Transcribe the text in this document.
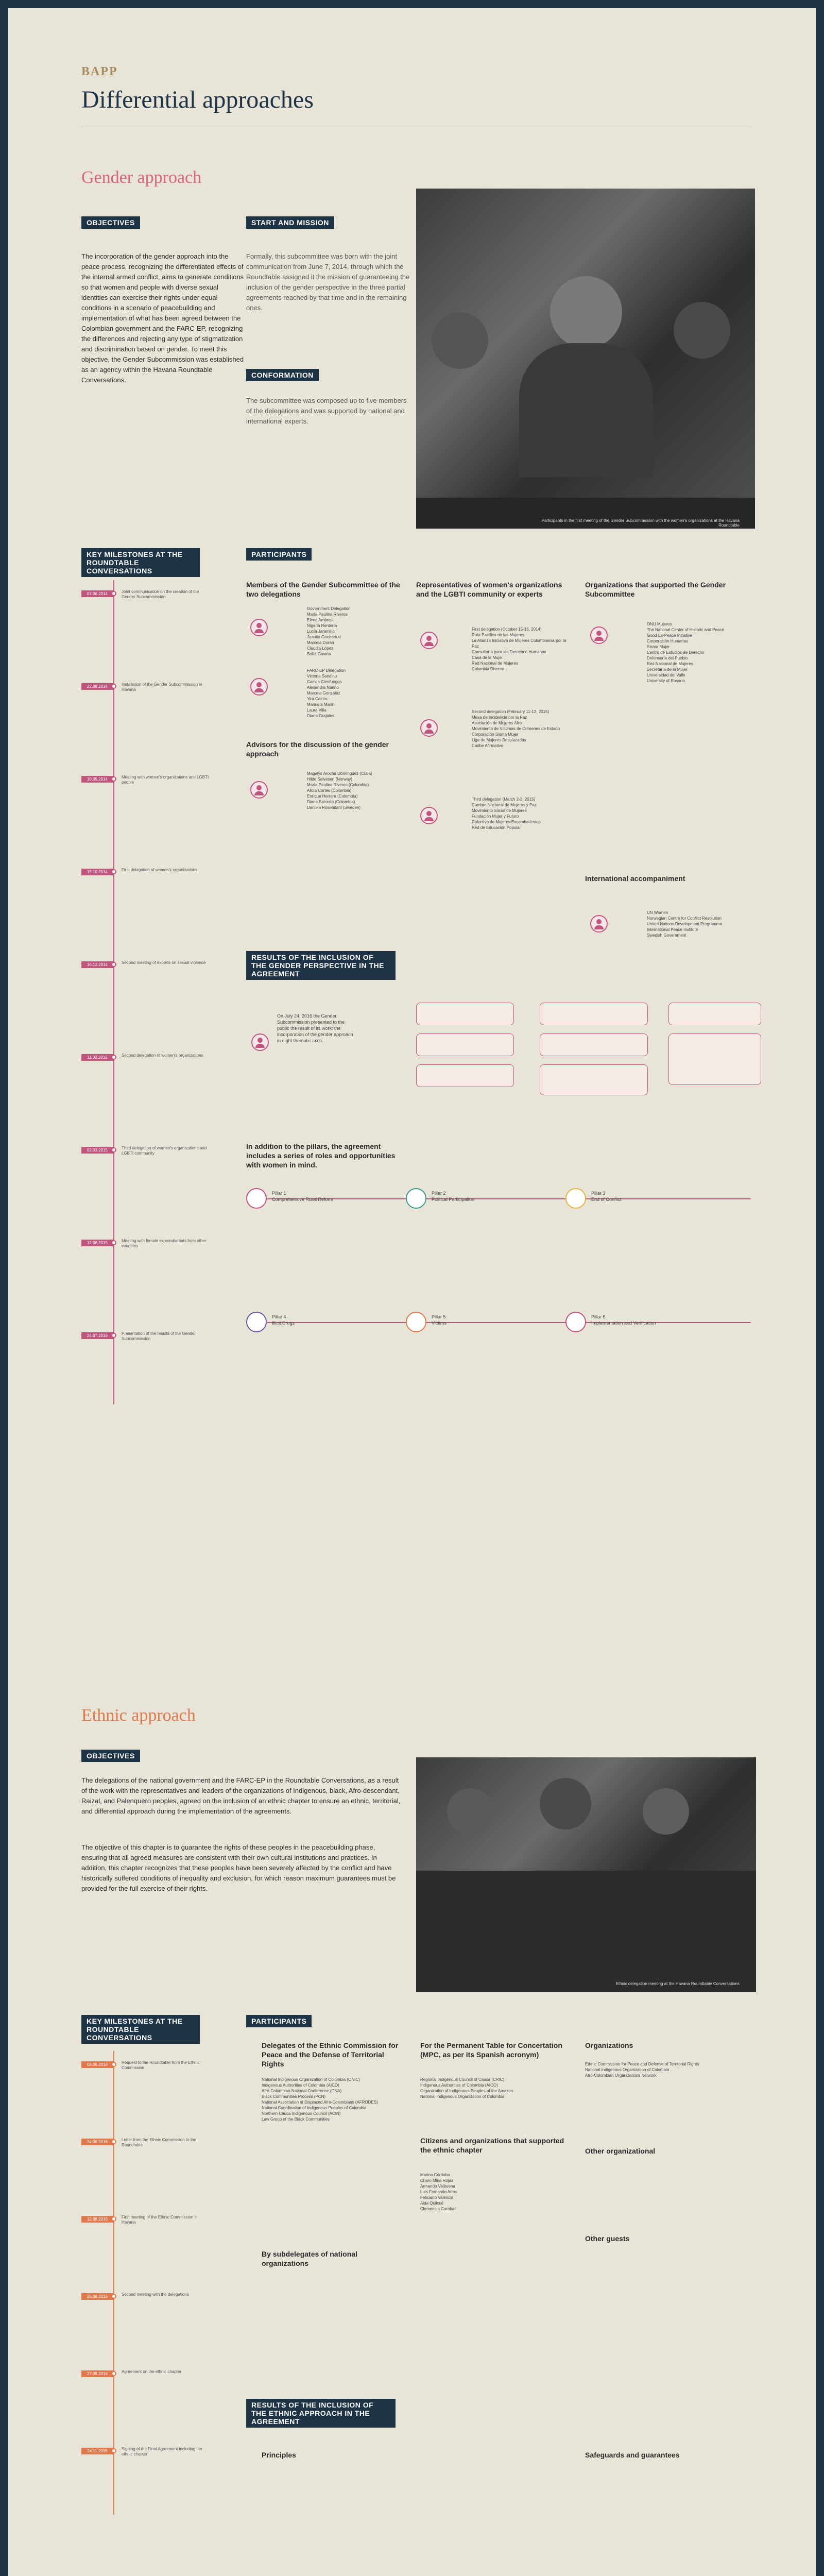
BAPP
Differential approaches
Gender approach
OBJECTIVES
The incorporation of the gender approach into the peace process, recognizing the differentiated effects of the internal armed conflict, aims to generate conditions so that women and people with diverse sexual identities can exercise their rights under equal conditions in a scenario of peacebuilding and implementation of what has been agreed between the Colombian government and the FARC-EP, recognizing the differences and rejecting any type of stigmatization and discrimination based on gender. To meet this objective, the Gender Subcommission was established as an agency within the Havana Roundtable Conversations.
START AND MISSION
Formally, this subcommittee was born with the joint communication from June 7, 2014, through which the Roundtable assigned it the mission of guaranteeing the inclusion of the gender perspective in the three partial agreements reached by that time and in the remaining ones.
CONFORMATION
The subcommittee was composed up to five members of the delegations and was supported by national and international experts.
Participants in the first meeting of the Gender Subcommission with the women's organizations at the Havana Roundtable
KEY MILESTONES AT THE ROUNDTABLE CONVERSATIONS
07.06.2014	Joint communication on the creation of the Gender Subcommission
22.08.2014	Installation of the Gender Subcommission in Havana
10.09.2014	Meeting with women's organizations and LGBTI people
15.10.2014	First delegation of women's organizations
16.12.2014	Second meeting of experts on sexual violence
11.02.2015	Second delegation of women's organizations
02.03.2015	Third delegation of women's organizations and LGBTI community
12.06.2015	Meeting with female ex-combatants from other countries
24.07.2016	Presentation of the results of the Gender Subcommission
PARTICIPANTS
Members of the Gender Subcommittee of the two delegations
Government Delegation
María Paulina Riveros
Elena Ambrosi
Nigeria Rentería
Lucía Jaramillo
Juanita Goebertus
Marcela Durán
Claudia López
Sofía Gaviria
FARC-EP Delegation
Victoria Sandino
Camila Cienfuegos
Alexandra Nariño
Marcela González
Yira Castro
Manuela Marín
Laura Villa
Diana Grajales
Advisors for the discussion of the gender approach
Magalys Arocha Domínguez (Cuba)
Hilde Salvesen (Norway)
María Paulina Riveros (Colombia)
Alicia Cortés (Colombia)
Enrique Herrera (Colombia)
Diana Salcedo (Colombia)
Daniela Rosendahl (Sweden)
Representatives of women's organizations and the LGBTI community or experts
First delegation (October 15-16, 2014)
Ruta Pacífica de las Mujeres
La Alianza Iniciativa de Mujeres Colombianas por la Paz
Consultoría para los Derechos Humanos
Casa de la Mujer
Red Nacional de Mujeres
Colombia Diversa
Second delegation (February 11-12, 2015)
Mesa de Incidencia por la Paz
Asociación de Mujeres Afro
Movimiento de Víctimas de Crímenes de Estado
Corporación Sisma Mujer
Liga de Mujeres Desplazadas
Caribe Afirmativo
Third delegation (March 2-3, 2015)
Cumbre Nacional de Mujeres y Paz
Movimiento Social de Mujeres
Fundación Mujer y Futuro
Colectivo de Mujeres Excombatientes
Red de Educación Popular
Organizations that supported the Gender Subcommittee
ONU Mujeres
The National Center of Historic and Peace
Good Ex-Peace Initiative
Corporación Humanas
Sisma Mujer
Centro de Estudios de Derecho
Defensoría del Pueblo
Red Nacional de Mujeres
Secretaría de la Mujer
Universidad del Valle
University of Rosario
International accompaniment
UN Women
Norwegian Centre for Conflict Resolution
United Nations Development Programme
International Peace Institute
Swedish Government
RESULTS OF THE INCLUSION OF THE GENDER PERSPECTIVE IN THE AGREEMENT
On July 24, 2016 the Gender Subcommission presented to the public the result of its work: the incorporation of the gender approach in eight thematic axes.
In addition to the pillars, the agreement includes a series of roles and opportunities with women in mind.
Pillar 1
Comprehensive Rural Reform
Pillar 2
Political Participation
Pillar 3
End of Conflict
Pillar 4
Illicit Drugs
Pillar 5
Victims
Pillar 6
Implementation and Verification
Ethnic approach
OBJECTIVES
The delegations of the national government and the FARC-EP in the Roundtable Conversations, as a result of the work with the representatives and leaders of the organizations of Indigenous, black, Afro-descendant, Raizal, and Palenquero peoples, agreed on the inclusion of an ethnic chapter to ensure an ethnic, territorial, and differential approach during the implementation of the agreements.
The objective of this chapter is to guarantee the rights of these peoples in the peacebuilding phase, ensuring that all agreed measures are consistent with their own cultural institutions and practices. In addition, this chapter recognizes that these peoples have been severely affected by the conflict and have historically suffered conditions of inequality and exclusion, for which reason maximum guarantees must be provided for the full exercise of their rights.
Ethnic delegation meeting at the Havana Roundtable Conversations
KEY MILESTONES AT THE ROUNDTABLE CONVERSATIONS
05.06.2016	Request to the Roundtable from the Ethnic Commission
24.06.2016	Letter from the Ethnic Commission to the Roundtable
12.08.2016	First meeting of the Ethnic Commission in Havana
26.08.2016	Second meeting with the delegations
27.08.2016	Agreement on the ethnic chapter
24.11.2016	Signing of the Final Agreement including the ethnic chapter
PARTICIPANTS
Delegates of the Ethnic Commission for Peace and the Defense of Territorial Rights
National Indigenous Organization of Colombia (ONIC)
Indigenous Authorities of Colombia (AICO)
Afro-Colombian National Conference (CNA)
Black Communities Process (PCN)
National Association of Displaced Afro-Colombians (AFRODES)
National Coordination of Indigenous Peoples of Colombia
Northern Cauca Indigenous Council (ACIN)
Law Group of the Black Communities
By subdelegates of national organizations
For the Permanent Table for Concertation (MPC, as per its Spanish acronym)
Regional Indigenous Council of Cauca (CRIC)
Indigenous Authorities of Colombia (AICO)
Organization of Indigenous Peoples of the Amazon
National Indigenous Organization of Colombia
Citizens and organizations that supported the ethnic chapter
Marino Córdoba
Charo Mina Rojas
Armando Valbuena
Luis Fernando Arias
Feliciano Valencia
Aida Quilcué
Clemencia Carabalí
Organizations
Ethnic Commission for Peace and Defense of Territorial Rights
National Indigenous Organization of Colombia
Afro-Colombian Organizations Network
Other organizational
Other guests
RESULTS OF THE INCLUSION OF THE ETHNIC APPROACH IN THE AGREEMENT
Principles	Safeguards and guarantees
